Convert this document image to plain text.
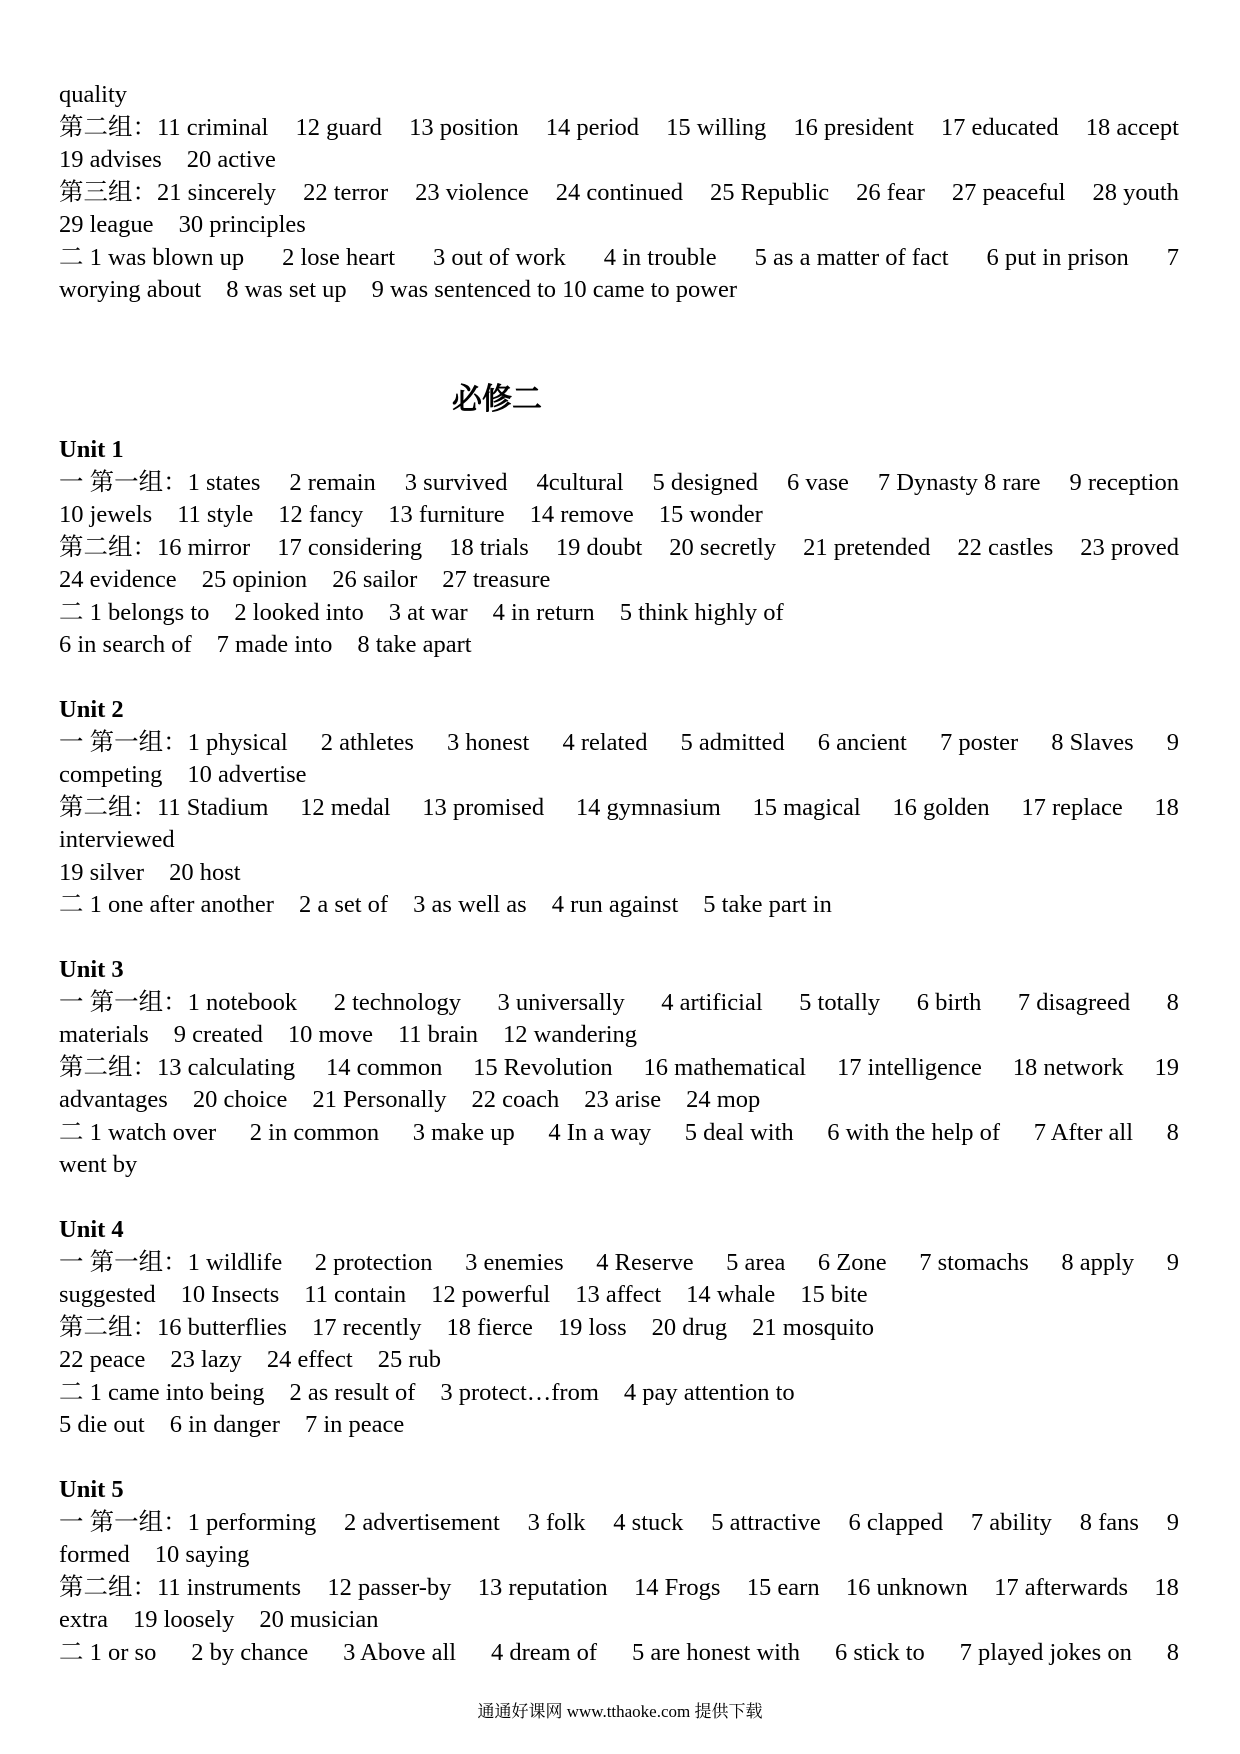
quality
第二组：11 criminal 12 guard 13 position 14 period 15 willing 16 president 17 educated 18 accept
19 advises 20 active
第三组：21 sincerely 22 terror 23 violence 24 continued 25 Republic 26 fear 27 peaceful 28 youth
29 league 30 principles
二 1 was blown up 2 lose heart 3 out of work 4 in trouble 5 as a matter of fact 6 put in prison 7
worying about 8 was set up 9 was sentenced to 10 came to power
必修二
Unit 1
一 第一组：1 states 2 remain 3 survived 4cultural 5 designed 6 vase 7 Dynasty 8 rare 9 reception
10 jewels 11 style 12 fancy 13 furniture 14 remove 15 wonder
第二组：16 mirror 17 considering 18 trials 19 doubt 20 secretly 21 pretended 22 castles 23 proved
24 evidence 25 opinion 26 sailor 27 treasure
二 1 belongs to 2 looked into 3 at war 4 in return 5 think highly of
6 in search of 7 made into 8 take apart
Unit 2
一 第一组：1 physical 2 athletes 3 honest 4 related 5 admitted 6 ancient 7 poster 8 Slaves 9
competing 10 advertise
第二组：11 Stadium 12 medal 13 promised 14 gymnasium 15 magical 16 golden 17 replace 18
interviewed
19 silver 20 host
二 1 one after another 2 a set of 3 as well as 4 run against 5 take part in
Unit 3
一 第一组：1 notebook 2 technology 3 universally 4 artificial 5 totally 6 birth 7 disagreed 8
materials 9 created 10 move 11 brain 12 wandering
第二组：13 calculating 14 common 15 Revolution 16 mathematical 17 intelligence 18 network 19
advantages 20 choice 21 Personally 22 coach 23 arise 24 mop
二 1 watch over 2 in common 3 make up 4 In a way 5 deal with 6 with the help of 7 After all 8
went by
Unit 4
一 第一组：1 wildlife 2 protection 3 enemies 4 Reserve 5 area 6 Zone 7 stomachs 8 apply 9
suggested 10 Insects 11 contain 12 powerful 13 affect 14 whale 15 bite
第二组：16 butterflies 17 recently 18 fierce 19 loss 20 drug 21 mosquito
22 peace 23 lazy 24 effect 25 rub
二 1 came into being 2 as result of 3 protect…from 4 pay attention to
5 die out 6 in danger 7 in peace
Unit 5
一 第一组：1 performing 2 advertisement 3 folk 4 stuck 5 attractive 6 clapped 7 ability 8 fans 9
formed 10 saying
第二组：11 instruments 12 passer-by 13 reputation 14 Frogs 15 earn 16 unknown 17 afterwards 18
extra 19 loosely 20 musician
二 1 or so 2 by chance 3 Above all 4 dream of 5 are honest with 6 stick to 7 played jokes on 8
通通好课网 www.tthaoke.com 提供下载
